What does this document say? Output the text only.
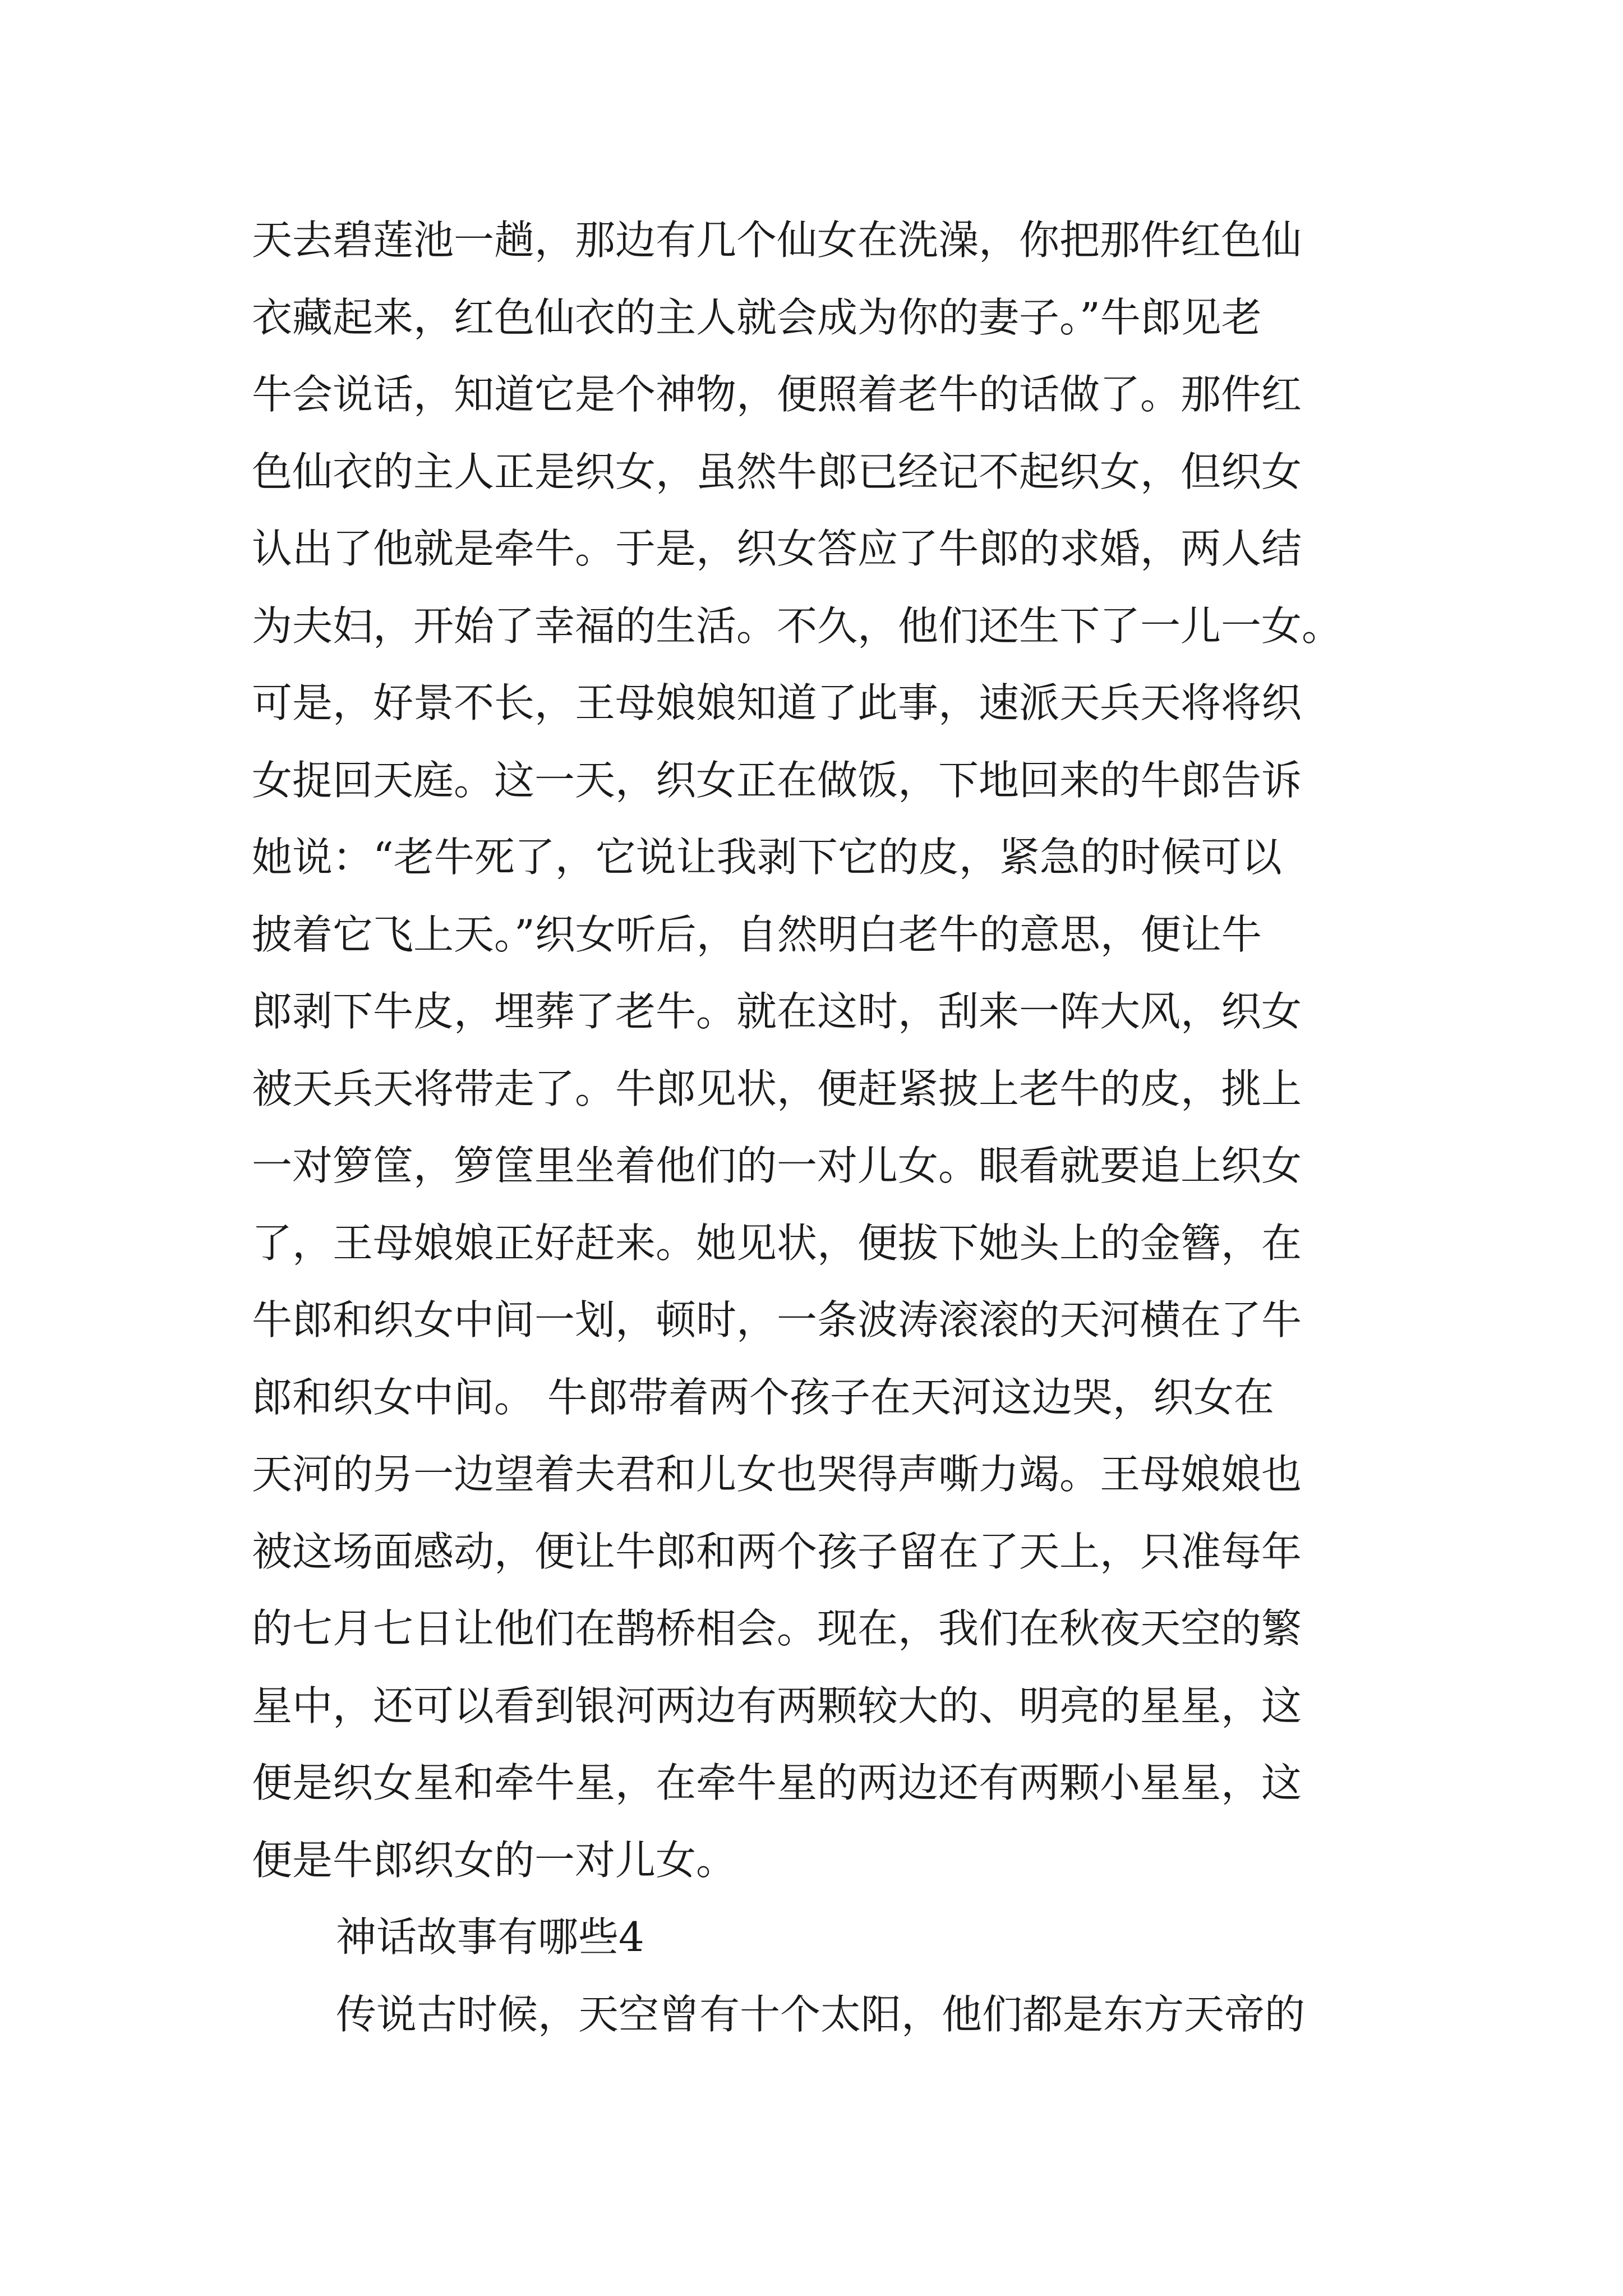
天去碧莲池一趟，那边有几个仙女在洗澡，你把那件红色仙
衣藏起来，红色仙衣的主人就会成为你的妻子。”牛郎见老
牛会说话，知道它是个神物，便照着老牛的话做了。那件红
色仙衣的主人正是织女，虽然牛郎已经记不起织女，但织女
认出了他就是牵牛。于是，织女答应了牛郎的求婚，两人结
为夫妇，开始了幸福的生活。不久，他们还生下了一儿一女。
可是，好景不长，王母娘娘知道了此事，速派天兵天将将织
女捉回天庭。这一天，织女正在做饭，下地回来的牛郎告诉
她说：“老牛死了，它说让我剥下它的皮，紧急的时候可以
披着它飞上天。”织女听后，自然明白老牛的意思，便让牛
郎剥下牛皮，埋葬了老牛。就在这时，刮来一阵大风，织女
被天兵天将带走了。牛郎见状，便赶紧披上老牛的皮，挑上
一对箩筐，箩筐里坐着他们的一对儿女。眼看就要追上织女
了，王母娘娘正好赶来。她见状，便拔下她头上的金簪，在
牛郎和织女中间一划，顿时，一条波涛滚滚的天河横在了牛
郎和织女中间。 牛郎带着两个孩子在天河这边哭，织女在
天河的另一边望着夫君和儿女也哭得声嘶力竭。王母娘娘也
被这场面感动，便让牛郎和两个孩子留在了天上，只准每年
的七月七日让他们在鹊桥相会。现在，我们在秋夜天空的繁
星中，还可以看到银河两边有两颗较大的、明亮的星星，这
便是织女星和牵牛星，在牵牛星的两边还有两颗小星星，这
便是牛郎织女的一对儿女。
神话故事有哪些4
传说古时候，天空曾有十个太阳，他们都是东方天帝的
